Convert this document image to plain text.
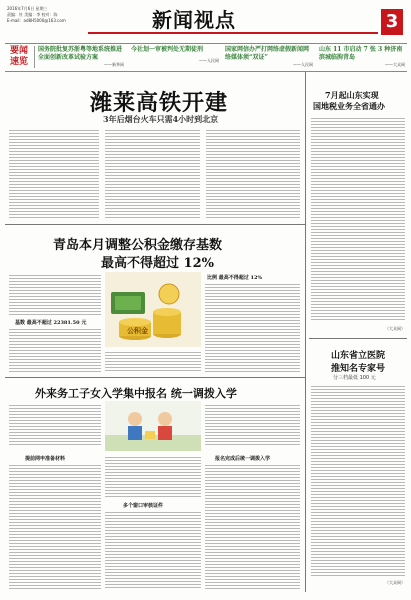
2016年7月6日 星期三
责编：杜 美编：李 校对：陈
E-mail：ad8H5000@163.com	新闻视点	3
要闻
速览
国务院批复苏浙粤等地系统推进全面创新改革试验方案
——新华网
今社划一审被判处无期徒刑
——人民网
国家网信办严打网络虚假新闻网络媒体须“双证”
——人民网
山东 11 市启动 7 张 3 种济南滨城临朐青岛
——大众网
潍莱高铁开建
3年后烟台火车只需4小时到北京
7月起山东实现
国地税业务全省通办
（大众网）
青岛本月调整公积金缴存基数
最高不得超过 12%
公积金
基数 最高不超过 22381.50 元
比例 最高不得超过 12%
山东省立医院
推知名专家号
分三档最低 100 元
（大众网）
外来务工子女入学集中报名 统一调拨入学
提前网申准备材料
多个窗口审核证件
报名完成后统一调拨入学
